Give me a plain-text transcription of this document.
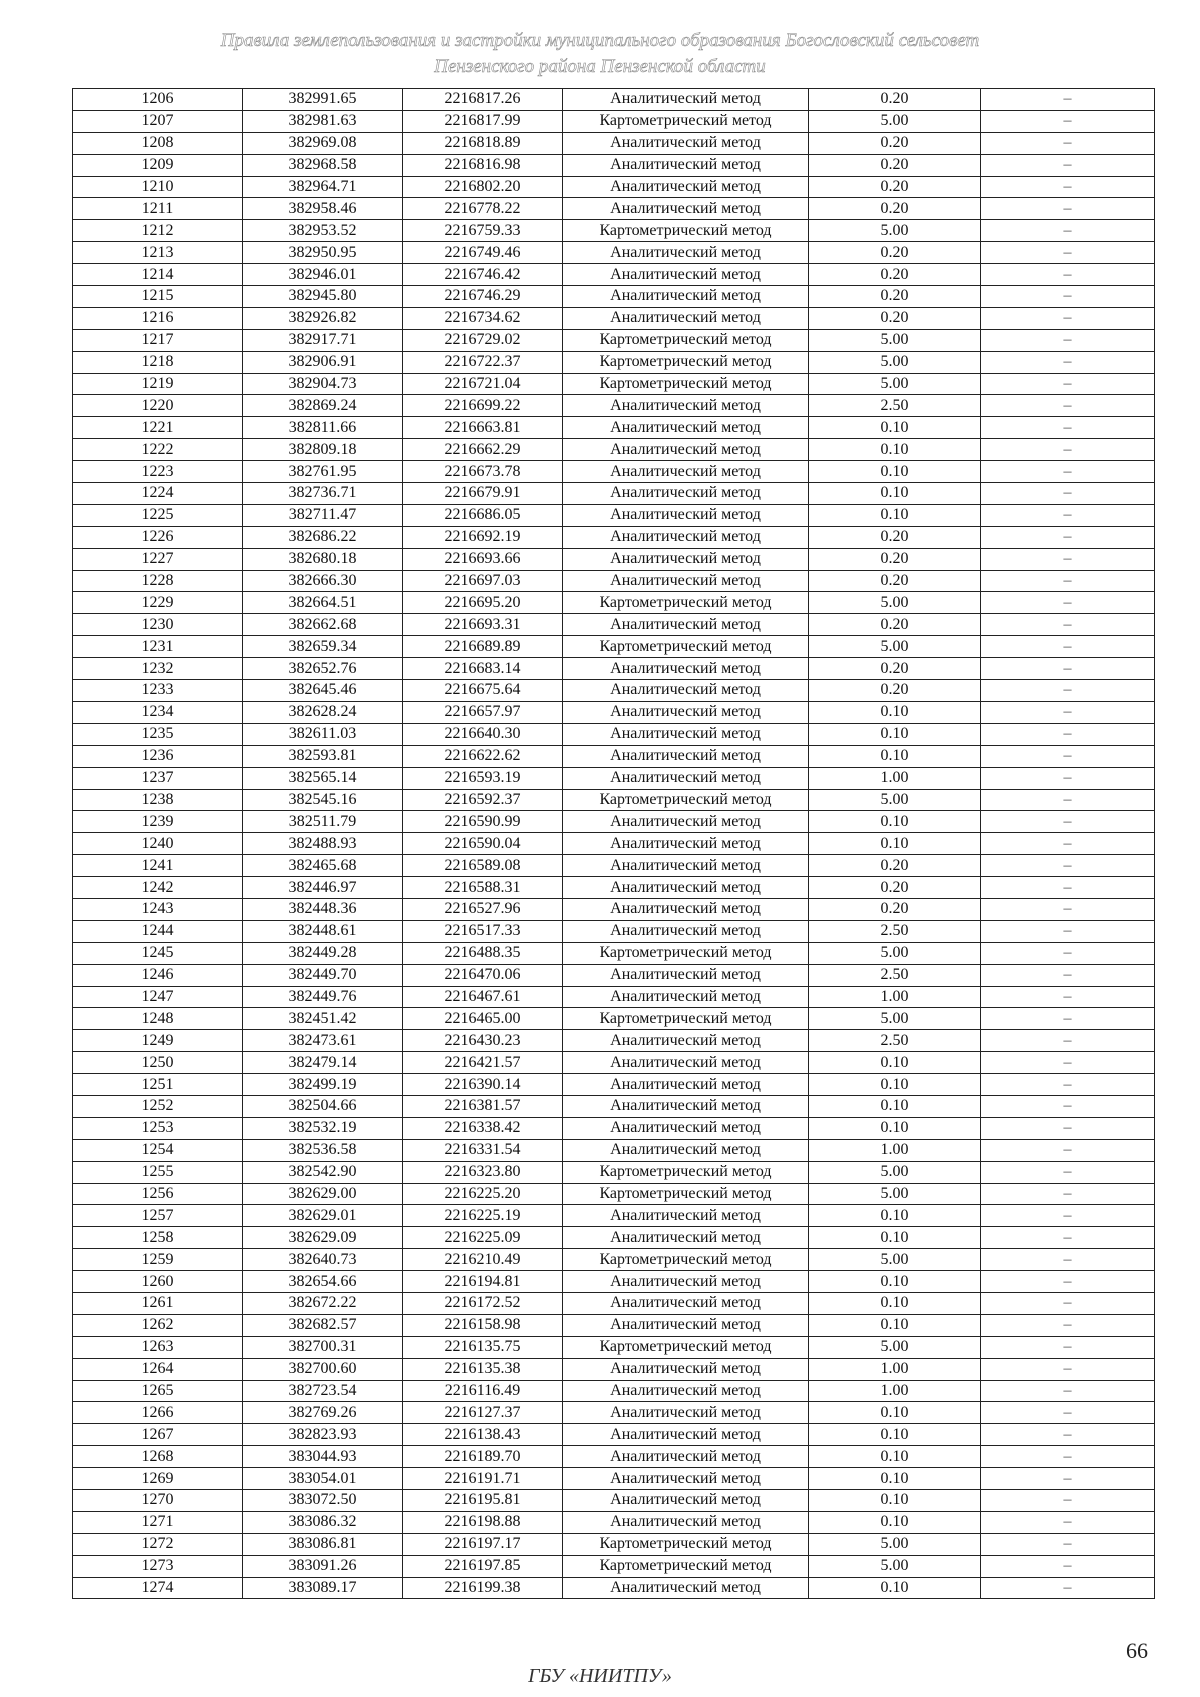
Правила землепользования и застройки муниципального образования Богословский сельсовет
Пензенского района Пензенской области
1206	382991.65	2216817.26	Аналитический метод	0.20	–
1207	382981.63	2216817.99	Картометрический метод	5.00	–
1208	382969.08	2216818.89	Аналитический метод	0.20	–
1209	382968.58	2216816.98	Аналитический метод	0.20	–
1210	382964.71	2216802.20	Аналитический метод	0.20	–
1211	382958.46	2216778.22	Аналитический метод	0.20	–
1212	382953.52	2216759.33	Картометрический метод	5.00	–
1213	382950.95	2216749.46	Аналитический метод	0.20	–
1214	382946.01	2216746.42	Аналитический метод	0.20	–
1215	382945.80	2216746.29	Аналитический метод	0.20	–
1216	382926.82	2216734.62	Аналитический метод	0.20	–
1217	382917.71	2216729.02	Картометрический метод	5.00	–
1218	382906.91	2216722.37	Картометрический метод	5.00	–
1219	382904.73	2216721.04	Картометрический метод	5.00	–
1220	382869.24	2216699.22	Аналитический метод	2.50	–
1221	382811.66	2216663.81	Аналитический метод	0.10	–
1222	382809.18	2216662.29	Аналитический метод	0.10	–
1223	382761.95	2216673.78	Аналитический метод	0.10	–
1224	382736.71	2216679.91	Аналитический метод	0.10	–
1225	382711.47	2216686.05	Аналитический метод	0.10	–
1226	382686.22	2216692.19	Аналитический метод	0.20	–
1227	382680.18	2216693.66	Аналитический метод	0.20	–
1228	382666.30	2216697.03	Аналитический метод	0.20	–
1229	382664.51	2216695.20	Картометрический метод	5.00	–
1230	382662.68	2216693.31	Аналитический метод	0.20	–
1231	382659.34	2216689.89	Картометрический метод	5.00	–
1232	382652.76	2216683.14	Аналитический метод	0.20	–
1233	382645.46	2216675.64	Аналитический метод	0.20	–
1234	382628.24	2216657.97	Аналитический метод	0.10	–
1235	382611.03	2216640.30	Аналитический метод	0.10	–
1236	382593.81	2216622.62	Аналитический метод	0.10	–
1237	382565.14	2216593.19	Аналитический метод	1.00	–
1238	382545.16	2216592.37	Картометрический метод	5.00	–
1239	382511.79	2216590.99	Аналитический метод	0.10	–
1240	382488.93	2216590.04	Аналитический метод	0.10	–
1241	382465.68	2216589.08	Аналитический метод	0.20	–
1242	382446.97	2216588.31	Аналитический метод	0.20	–
1243	382448.36	2216527.96	Аналитический метод	0.20	–
1244	382448.61	2216517.33	Аналитический метод	2.50	–
1245	382449.28	2216488.35	Картометрический метод	5.00	–
1246	382449.70	2216470.06	Аналитический метод	2.50	–
1247	382449.76	2216467.61	Аналитический метод	1.00	–
1248	382451.42	2216465.00	Картометрический метод	5.00	–
1249	382473.61	2216430.23	Аналитический метод	2.50	–
1250	382479.14	2216421.57	Аналитический метод	0.10	–
1251	382499.19	2216390.14	Аналитический метод	0.10	–
1252	382504.66	2216381.57	Аналитический метод	0.10	–
1253	382532.19	2216338.42	Аналитический метод	0.10	–
1254	382536.58	2216331.54	Аналитический метод	1.00	–
1255	382542.90	2216323.80	Картометрический метод	5.00	–
1256	382629.00	2216225.20	Картометрический метод	5.00	–
1257	382629.01	2216225.19	Аналитический метод	0.10	–
1258	382629.09	2216225.09	Аналитический метод	0.10	–
1259	382640.73	2216210.49	Картометрический метод	5.00	–
1260	382654.66	2216194.81	Аналитический метод	0.10	–
1261	382672.22	2216172.52	Аналитический метод	0.10	–
1262	382682.57	2216158.98	Аналитический метод	0.10	–
1263	382700.31	2216135.75	Картометрический метод	5.00	–
1264	382700.60	2216135.38	Аналитический метод	1.00	–
1265	382723.54	2216116.49	Аналитический метод	1.00	–
1266	382769.26	2216127.37	Аналитический метод	0.10	–
1267	382823.93	2216138.43	Аналитический метод	0.10	–
1268	383044.93	2216189.70	Аналитический метод	0.10	–
1269	383054.01	2216191.71	Аналитический метод	0.10	–
1270	383072.50	2216195.81	Аналитический метод	0.10	–
1271	383086.32	2216198.88	Аналитический метод	0.10	–
1272	383086.81	2216197.17	Картометрический метод	5.00	–
1273	383091.26	2216197.85	Картометрический метод	5.00	–
1274	383089.17	2216199.38	Аналитический метод	0.10	–
66
ГБУ «НИИТПУ»
